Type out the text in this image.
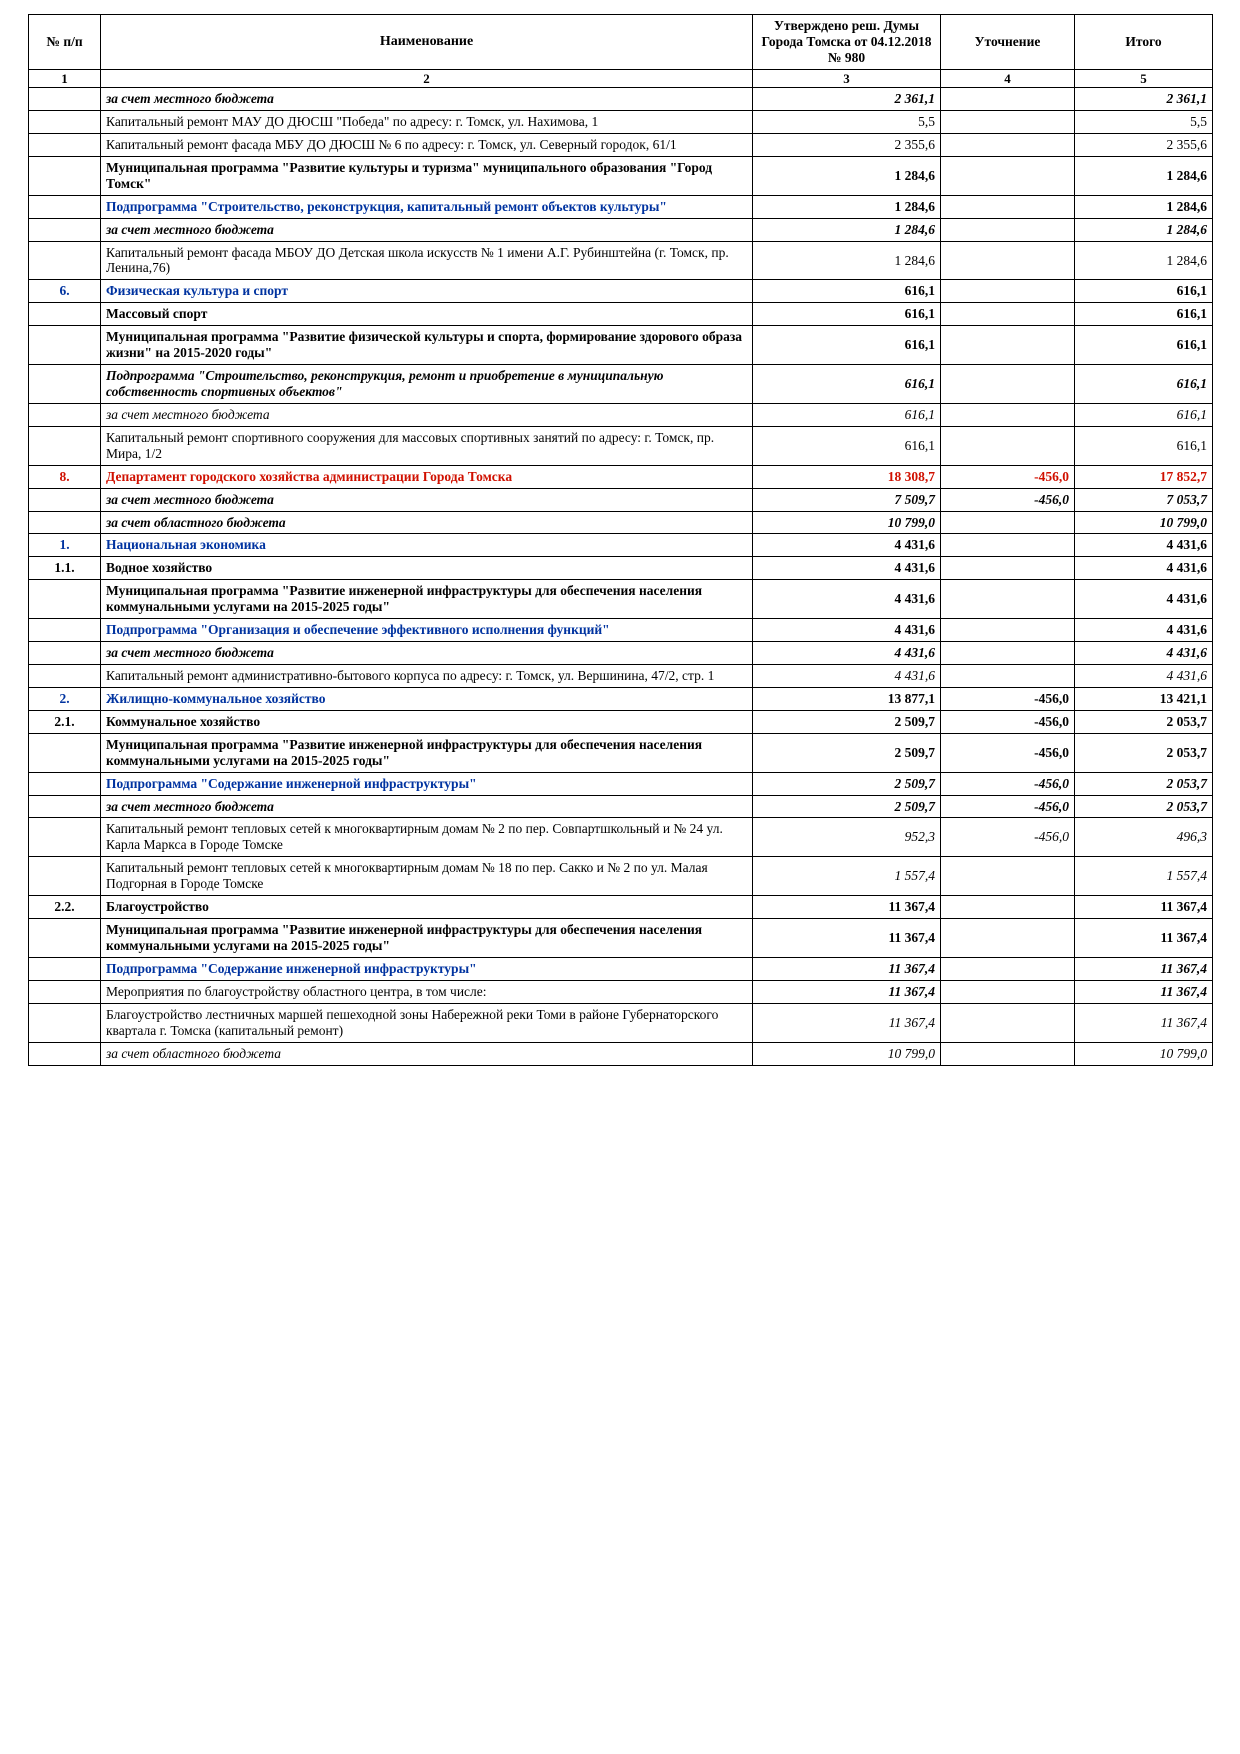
№ п/п	Наименование	Утверждено реш. Думы Города Томска от 04.12.2018 № 980	Уточнение	Итого
1	2	3	4	5
	за счет местного бюджета	2 361,1		2 361,1
	Капитальный ремонт МАУ ДО ДЮСШ "Победа" по адресу: г. Томск, ул. Нахимова, 1	5,5		5,5
	Капитальный ремонт фасада МБУ ДО ДЮСШ № 6 по адресу: г. Томск, ул. Северный городок, 61/1	2 355,6		2 355,6
	Муниципальная программа "Развитие культуры и туризма" муниципального образования "Город Томск"	1 284,6		1 284,6
	Подпрограмма "Строительство, реконструкция, капитальный ремонт объектов культуры"	1 284,6		1 284,6
	за счет местного бюджета	1 284,6		1 284,6
	Капитальный ремонт фасада МБОУ ДО Детская школа искусств № 1 имени А.Г. Рубинштейна (г. Томск, пр. Ленина,76)	1 284,6		1 284,6
6.	Физическая культура и спорт	616,1		616,1
	Массовый спорт	616,1		616,1
	Муниципальная программа "Развитие физической культуры и спорта, формирование здорового образа жизни" на 2015-2020 годы"	616,1		616,1
	Подпрограмма "Строительство, реконструкция, ремонт и приобретение в муниципальную собственность спортивных объектов"	616,1		616,1
	за счет местного бюджета	616,1		616,1
	Капитальный ремонт спортивного сооружения для массовых спортивных занятий по адресу: г. Томск, пр. Мира, 1/2	616,1		616,1
8.	Департамент городского хозяйства администрации Города Томска	18 308,7	-456,0	17 852,7
	за счет местного бюджета	7 509,7	-456,0	7 053,7
	за счет областного бюджета	10 799,0		10 799,0
1.	Национальная экономика	4 431,6		4 431,6
1.1.	Водное хозяйство	4 431,6		4 431,6
	Муниципальная программа "Развитие инженерной инфраструктуры для обеспечения населения коммунальными услугами на 2015-2025 годы"	4 431,6		4 431,6
	Подпрограмма "Организация и обеспечение эффективного исполнения функций"	4 431,6		4 431,6
	за счет местного бюджета	4 431,6		4 431,6
	Капитальный ремонт административно-бытового корпуса по адресу: г. Томск, ул. Вершинина, 47/2, стр. 1	4 431,6		4 431,6
2.	Жилищно-коммунальное хозяйство	13 877,1	-456,0	13 421,1
2.1.	Коммунальное хозяйство	2 509,7	-456,0	2 053,7
	Муниципальная программа "Развитие инженерной инфраструктуры для обеспечения населения коммунальными услугами на 2015-2025 годы"	2 509,7	-456,0	2 053,7
	Подпрограмма "Содержание инженерной инфраструктуры"	2 509,7	-456,0	2 053,7
	за счет местного бюджета	2 509,7	-456,0	2 053,7
	Капитальный ремонт тепловых сетей к многоквартирным домам № 2 по пер. Совпартшкольный и № 24 ул. Карла Маркса в Городе Томске	952,3	-456,0	496,3
	Капитальный ремонт тепловых сетей к многоквартирным домам № 18 по пер. Сакко и № 2 по ул. Малая Подгорная в Городе Томске	1 557,4		1 557,4
2.2.	Благоустройство	11 367,4		11 367,4
	Муниципальная программа "Развитие инженерной инфраструктуры для обеспечения населения коммунальными услугами на 2015-2025 годы"	11 367,4		11 367,4
	Подпрограмма "Содержание инженерной инфраструктуры"	11 367,4		11 367,4
	Мероприятия по благоустройству областного центра, в том числе:	11 367,4		11 367,4
	Благоустройство лестничных маршей пешеходной зоны Набережной реки Томи в районе Губернаторского квартала г. Томска (капитальный ремонт)	11 367,4		11 367,4
	за счет областного бюджета	10 799,0		10 799,0
